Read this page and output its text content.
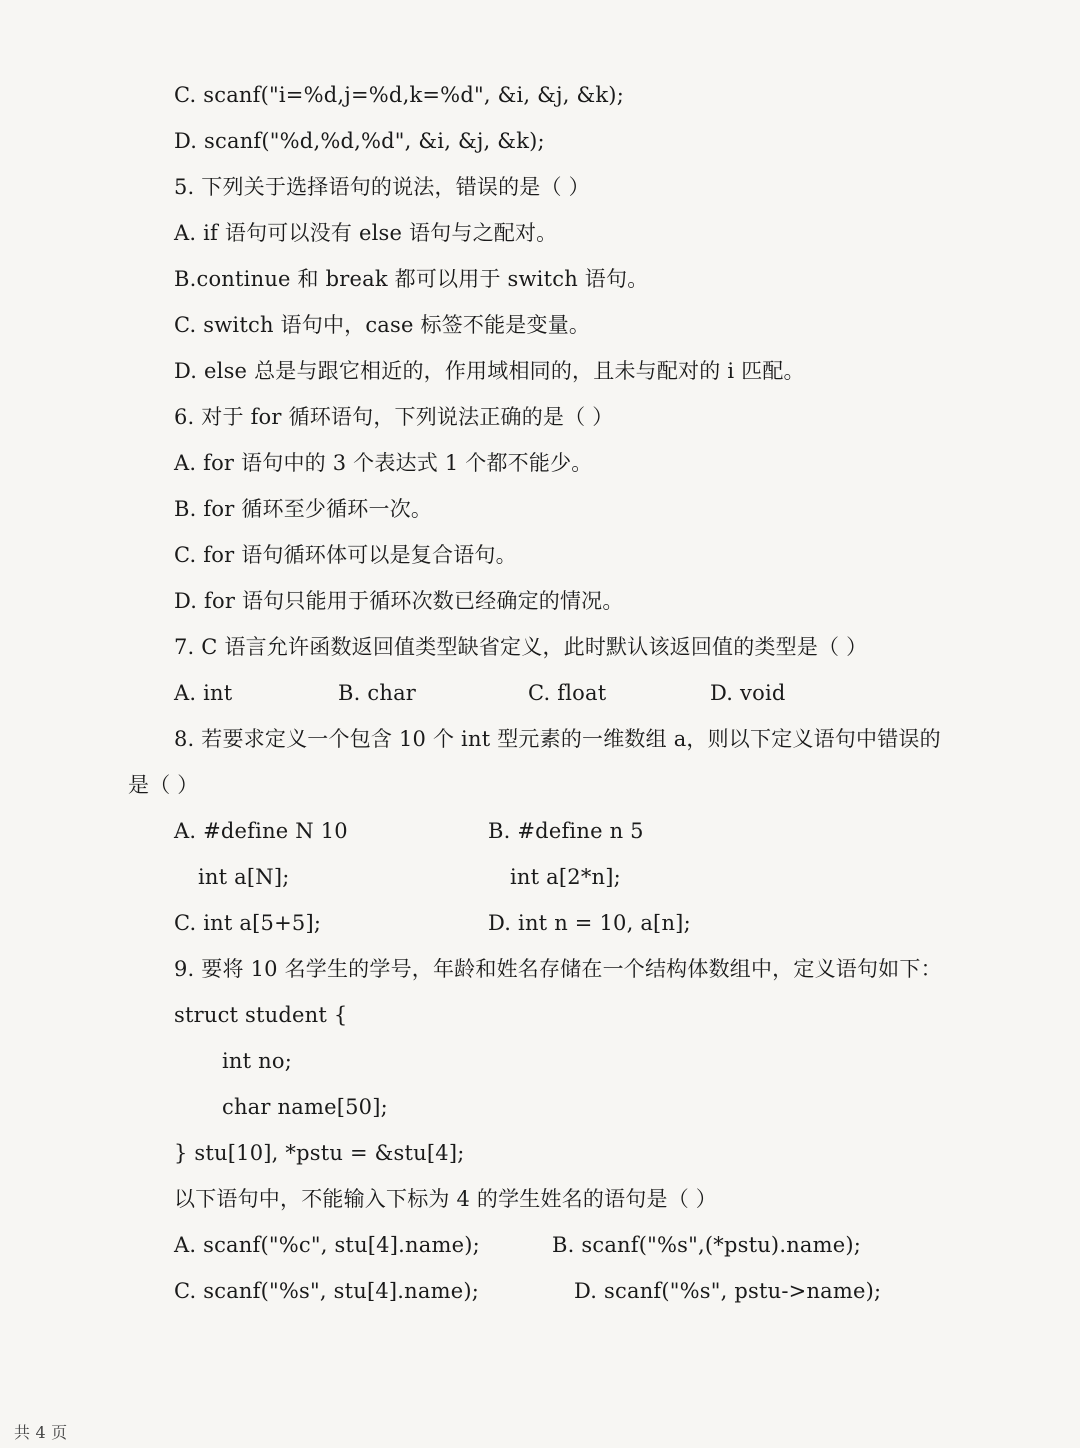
C. scanf("i=%d,j=%d,k=%d", &i, &j, &k);
D. scanf("%d,%d,%d", &i, &j, &k);
5. 下列关于选择语句的说法，错误的是（ ）
A. if 语句可以没有 else 语句与之配对。
B.continue 和 break 都可以用于 switch 语句。
C. switch 语句中，case 标签不能是变量。
D. else 总是与跟它相近的，作用域相同的，且未与配对的 i 匹配。
6. 对于 for 循环语句，下列说法正确的是（ ）
A. for 语句中的 3 个表达式 1 个都不能少。
B. for 循环至少循环一次。
C. for 语句循环体可以是复合语句。
D. for 语句只能用于循环次数已经确定的情况。
7. C 语言允许函数返回值类型缺省定义，此时默认该返回值的类型是（ ）
A. int	B. char	C. float	D. void
8. 若要求定义一个包含 10 个 int 型元素的一维数组 a，则以下定义语句中错误的
是（ ）
A. #define N 10	B. #define n 5
int a[N];	int a[2*n];
C. int a[5+5];	D. int n = 10, a[n];
9. 要将 10 名学生的学号，年龄和姓名存储在一个结构体数组中，定义语句如下：
struct student {
int no;
char name[50];
} stu[10], *pstu = &stu[4];
以下语句中，不能输入下标为 4 的学生姓名的语句是（ ）
A. scanf("%c", stu[4].name);	B. scanf("%s",(*pstu).name);
C. scanf("%s", stu[4].name);	D. scanf("%s", pstu->name);
共 4 页
